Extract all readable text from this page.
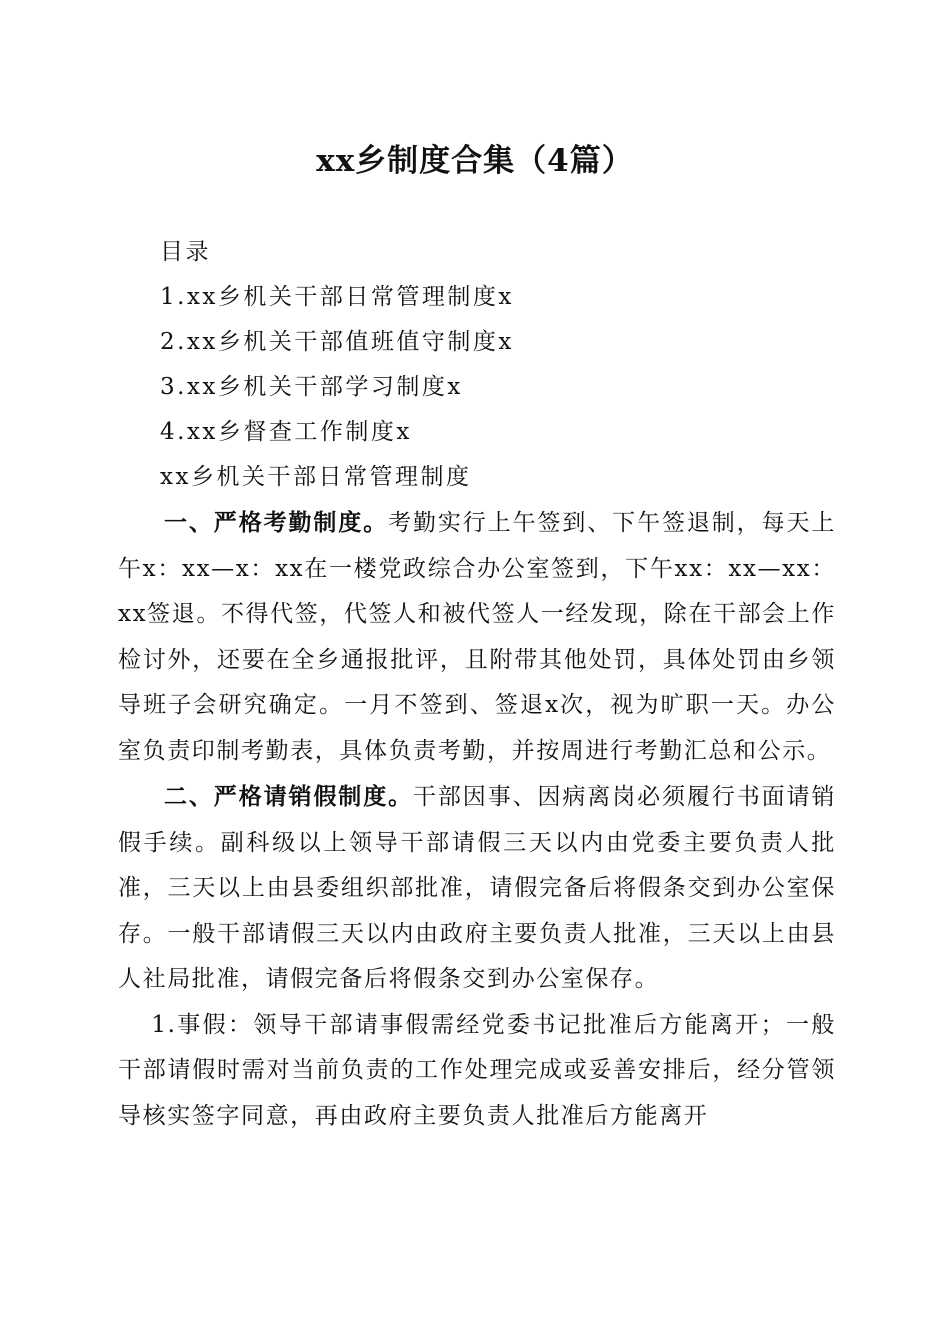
xx乡制度合集（4篇）
目录
1.xx乡机关干部日常管理制度x
2.xx乡机关干部值班值守制度x
3.xx乡机关干部学习制度x
4.xx乡督查工作制度x
xx乡机关干部日常管理制度

一、严格考勤制度。考勤实行上午签到、下午签退制，每天上午x：xx—x：xx在一楼党政综合办公室签到，下午xx：xx—xx：xx签退。不得代签，代签人和被代签人一经发现，除在干部会上作检讨外，还要在全乡通报批评，且附带其他处罚，具体处罚由乡领导班子会研究确定。一月不签到、签退x次，视为旷职一天。办公室负责印制考勤表，具体负责考勤，并按周进行考勤汇总和公示。

二、严格请销假制度。干部因事、因病离岗必须履行书面请销假手续。副科级以上领导干部请假三天以内由党委主要负责人批准，三天以上由县委组织部批准，请假完备后将假条交到办公室保存。一般干部请假三天以内由政府主要负责人批准，三天以上由县人社局批准，请假完备后将假条交到办公室保存。

1.事假：领导干部请事假需经党委书记批准后方能离开；一般干部请假时需对当前负责的工作处理完成或妥善安排后，经分管领导核实签字同意，再由政府主要负责人批准后方能离开
